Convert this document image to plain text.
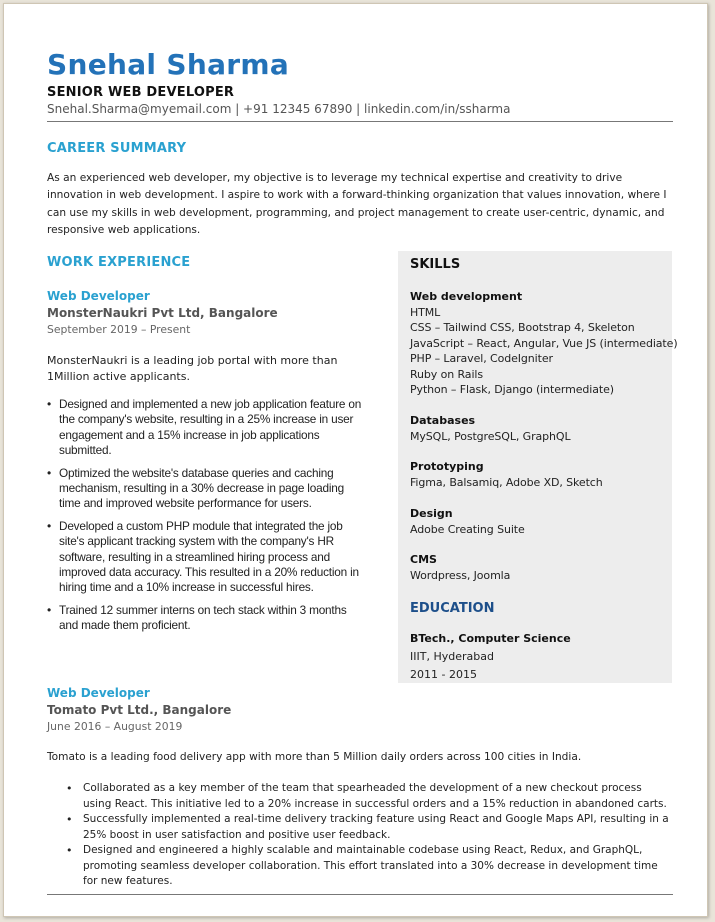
Snehal Sharma
SENIOR WEB DEVELOPER
Snehal.Sharma@myemail.com | +91 12345 67890 | linkedin.com/in/ssharma
CAREER SUMMARY
As an experienced web developer, my objective is to leverage my technical expertise and creativity to drive innovation in web development. I aspire to work with a forward-thinking organization that values innovation, where I can use my skills in web development, programming, and project management to create user-centric, dynamic, and responsive web applications.
WORK EXPERIENCE
Web Developer
MonsterNaukri Pvt Ltd, Bangalore
September 2019 – Present
MonsterNaukri is a leading job portal with more than 1Million active applicants.
• Designed and implemented a new job application feature on the company's website, resulting in a 25% increase in user engagement and a 15% increase in job applications submitted.
• Optimized the website's database queries and caching mechanism, resulting in a 30% decrease in page loading time and improved website performance for users.
• Developed a custom PHP module that integrated the job site's applicant tracking system with the company's HR software, resulting in a streamlined hiring process and improved data accuracy. This resulted in a 20% reduction in hiring time and a 10% increase in successful hires.
• Trained 12 summer interns on tech stack within 3 months and made them proficient.
SKILLS
Web development
HTML
CSS – Tailwind CSS, Bootstrap 4, Skeleton
JavaScript – React, Angular, Vue JS (intermediate)
PHP – Laravel, CodeIgniter
Ruby on Rails
Python – Flask, Django (intermediate)
Databases
MySQL, PostgreSQL, GraphQL
Prototyping
Figma, Balsamiq, Adobe XD, Sketch
Design
Adobe Creating Suite
CMS
Wordpress, Joomla
EDUCATION
BTech., Computer Science
IIIT, Hyderabad
2011 - 2015
Web Developer
Tomato Pvt Ltd., Bangalore
June 2016 – August 2019
Tomato is a leading food delivery app with more than 5 Million daily orders across 100 cities in India.
• Collaborated as a key member of the team that spearheaded the development of a new checkout process using React. This initiative led to a 20% increase in successful orders and a 15% reduction in abandoned carts.
• Successfully implemented a real-time delivery tracking feature using React and Google Maps API, resulting in a 25% boost in user satisfaction and positive user feedback.
• Designed and engineered a highly scalable and maintainable codebase using React, Redux, and GraphQL, promoting seamless developer collaboration. This effort translated into a 30% decrease in development time for new features.
